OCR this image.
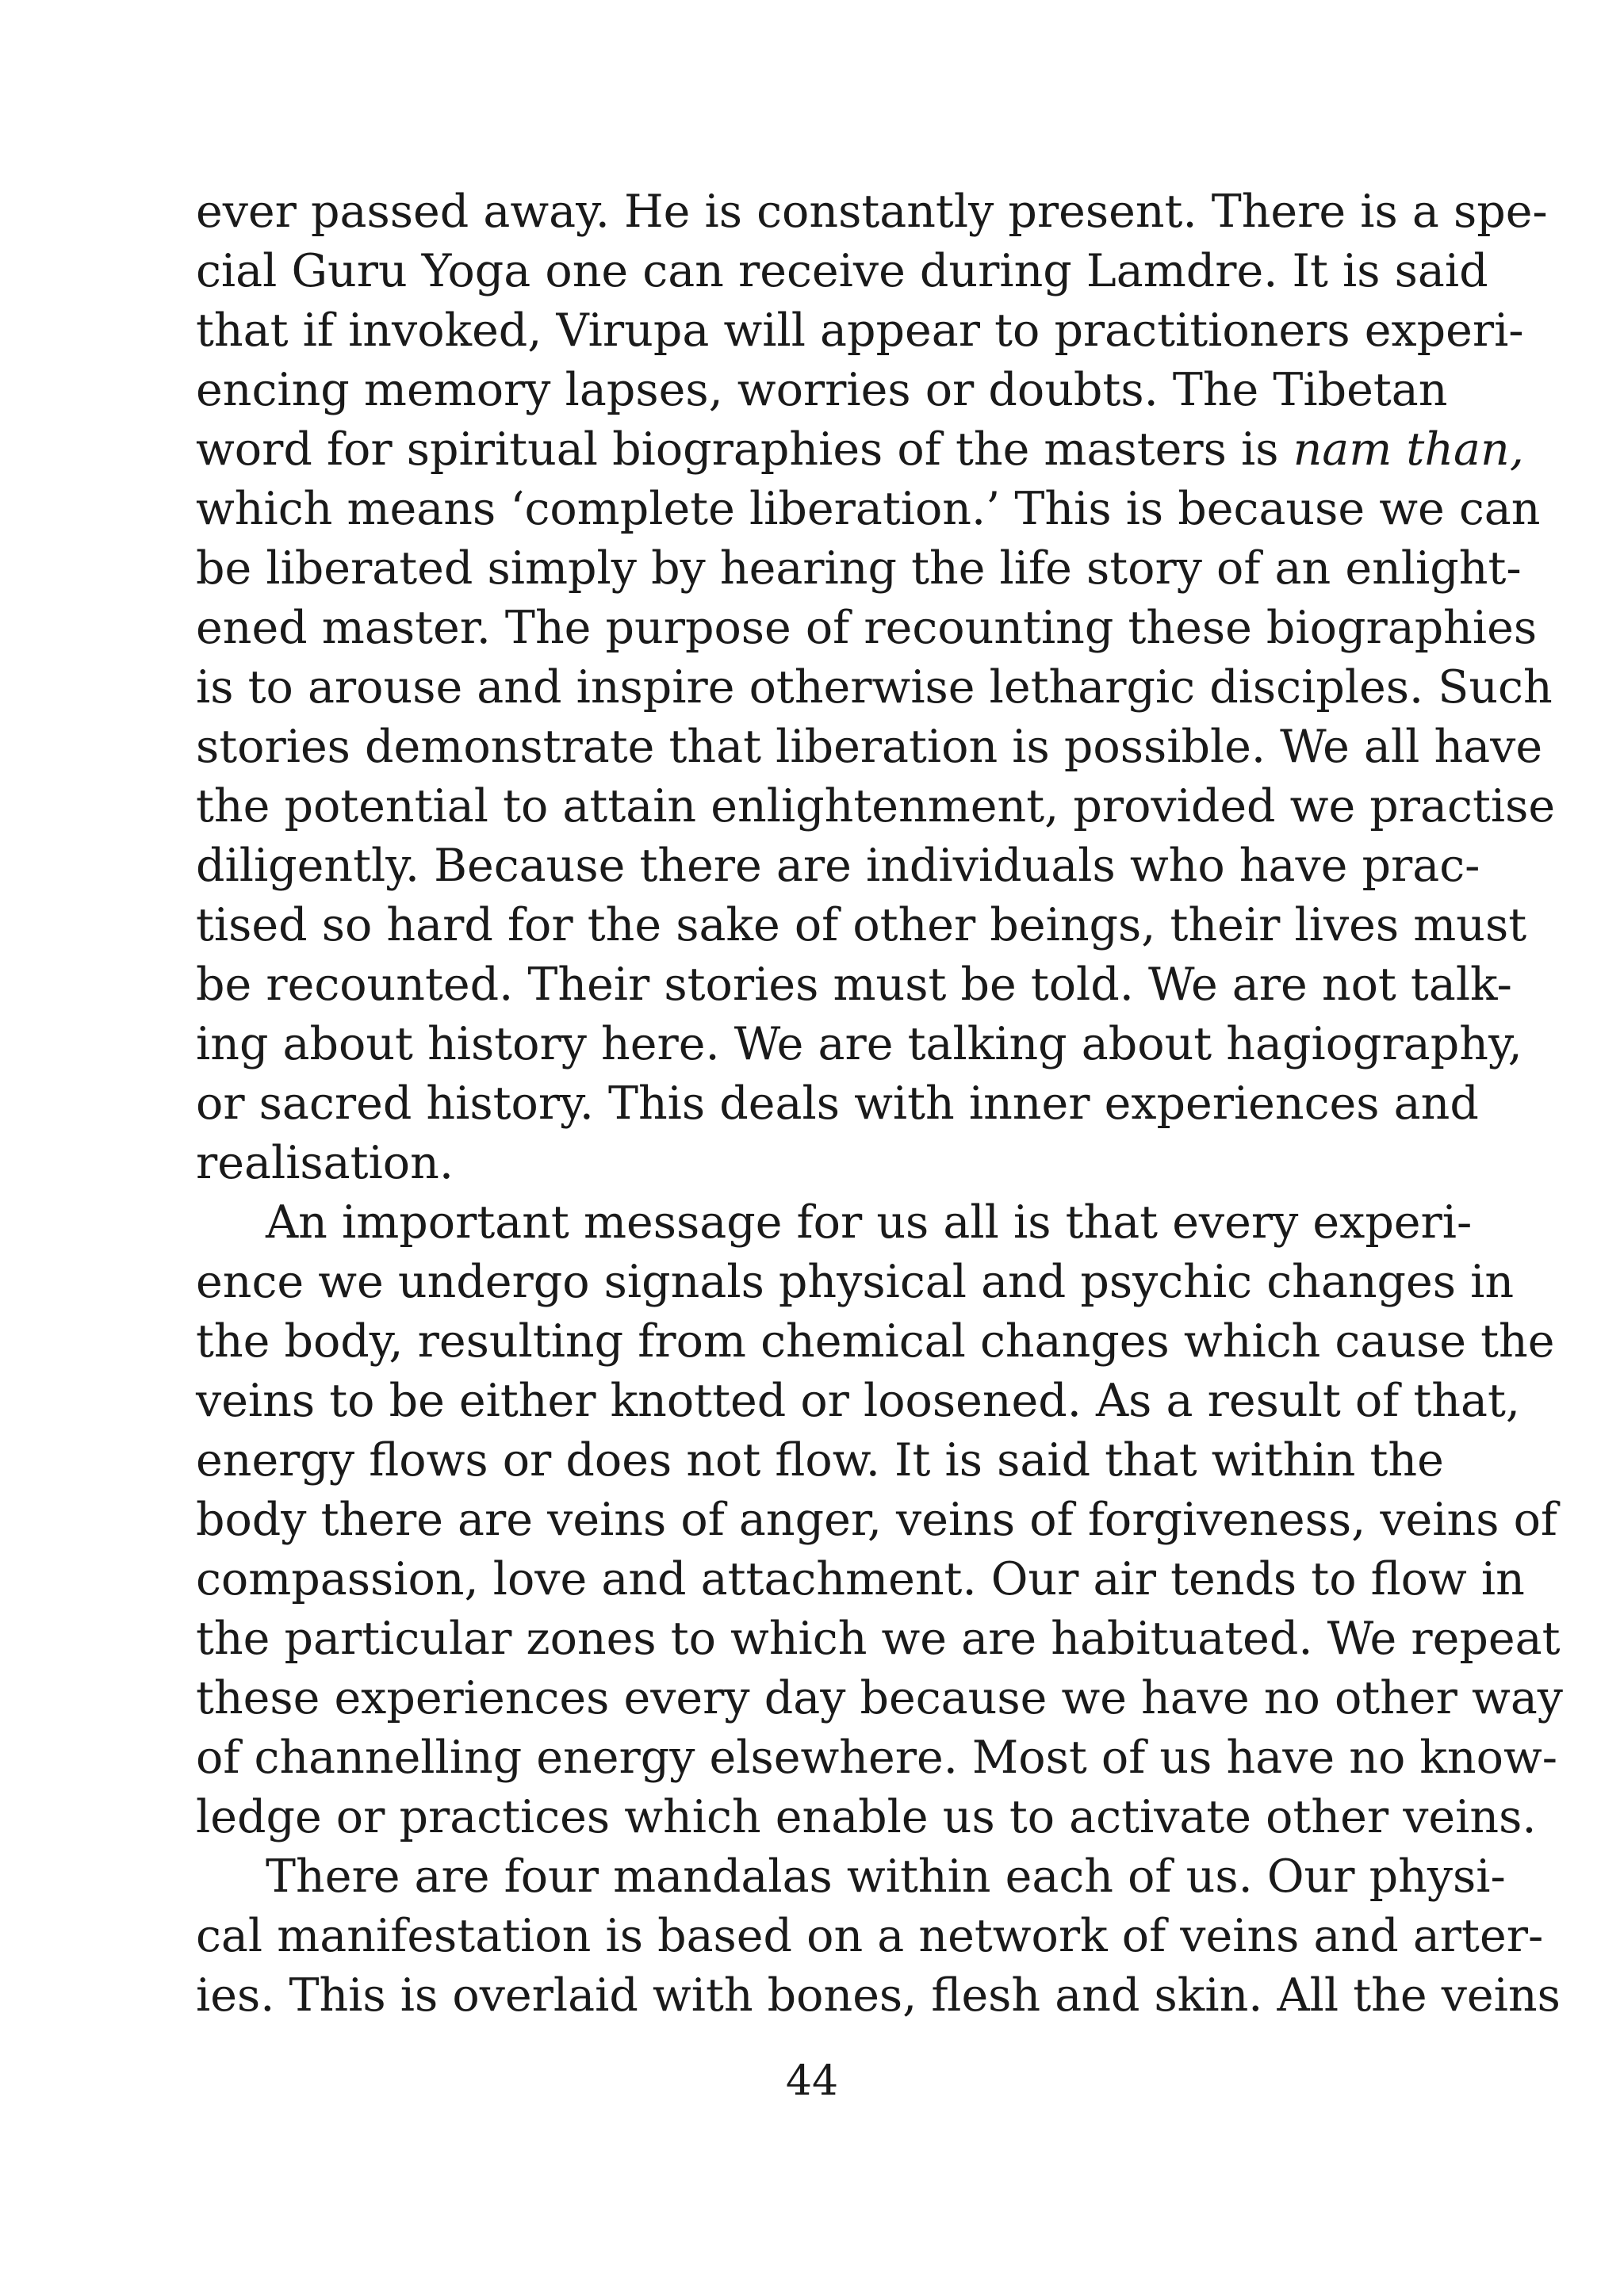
ever passed away. He is constantly present. There is a spe-
cial Guru Yoga one can receive during Lamdre. It is said
that if invoked, Virupa will appear to practitioners experi-
encing memory lapses, worries or doubts. The Tibetan
word for spiritual biographies of the masters is nam than,
which means ‘complete liberation.’ This is because we can
be liberated simply by hearing the life story of an enlight-
ened master. The purpose of recounting these biographies
is to arouse and inspire otherwise lethargic disciples. Such
stories demonstrate that liberation is possible. We all have
the potential to attain enlightenment, provided we practise
diligently. Because there are individuals who have prac-
tised so hard for the sake of other beings, their lives must
be recounted. Their stories must be told. We are not talk-
ing about history here. We are talking about hagiography,
or sacred history. This deals with inner experiences and
realisation.
An important message for us all is that every experi-
ence we undergo signals physical and psychic changes in
the body, resulting from chemical changes which cause the
veins to be either knotted or loosened. As a result of that,
energy flows or does not flow. It is said that within the
body there are veins of anger, veins of forgiveness, veins of
compassion, love and attachment. Our air tends to flow in
the particular zones to which we are habituated. We repeat
these experiences every day because we have no other way
of channelling energy elsewhere. Most of us have no know-
ledge or practices which enable us to activate other veins.
There are four mandalas within each of us. Our physi-
cal manifestation is based on a network of veins and arter-
ies. This is overlaid with bones, flesh and skin. All the veins
44
